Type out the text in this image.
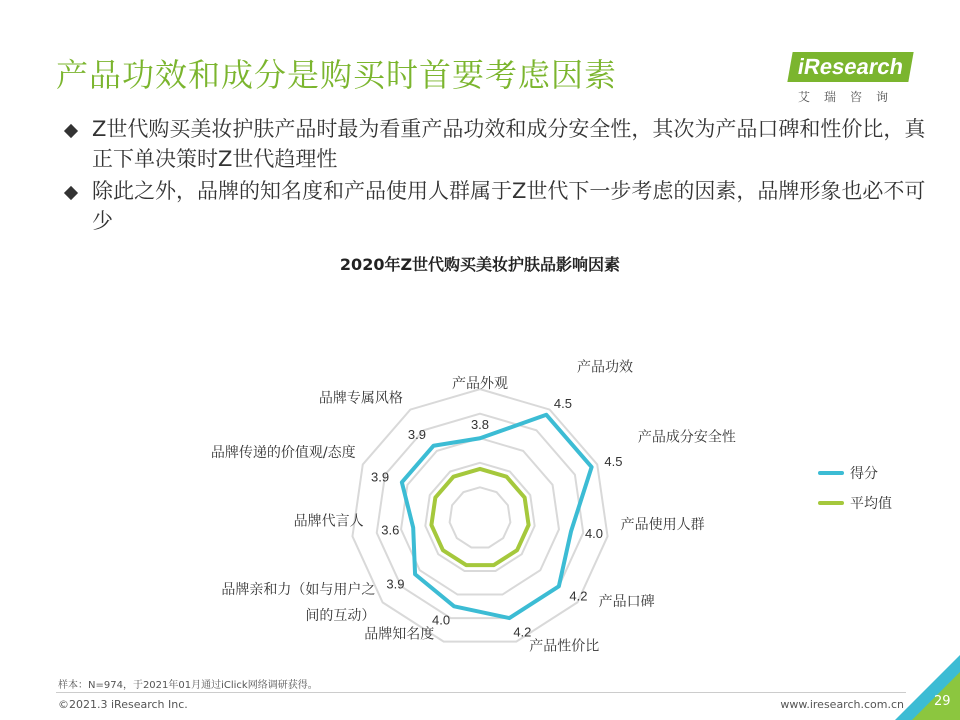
产品功效和成分是购买时首要考虑因素	iResearch
艾瑞咨询
Z世代购买美妆护肤产品时最为看重产品功效和成分安全性，其次为产品口碑和性价比，真正下单决策时Z世代趋理性
除此之外，品牌的知名度和产品使用人群属于Z世代下一步考虑的因素，品牌形象也必不可少
2020年Z世代购买美妆护肤品影响因素
3.8
产品外观
4.5
产品功效
4.5
产品成分安全性
4.0
产品使用人群
4.2 产品口碑
4.2
产品性价比
4.0
品牌知名度
3.9
品牌亲和力（如与用户之
间的互动）
3.6
品牌代言人
3.9
品牌传递的价值观/态度
3.9
品牌专属风格
得分
平均值
样本：N=974，于2021年01月通过iClick网络调研获得。
©2021.3 iResearch Inc.	www.iresearch.com.cn 29
